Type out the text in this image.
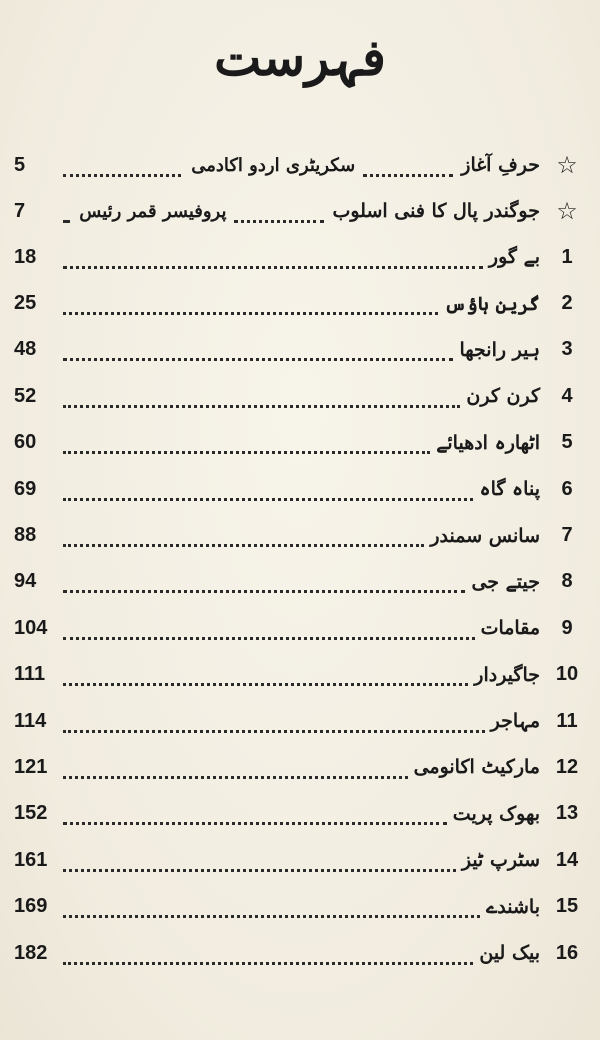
فہرست
5	سکریٹری اردو اکادمی	حرفِ آغاز ☆
7	پروفیسر قمر رئیس	جوگندر پال کا فنی اسلوب ☆
18	بے گور	1
25	گرین ہاؤس	2
48	ہیر رانجھا	3
52	کرن کرن	4
60	اٹھارہ ادھیائے	5
69	پناہ گاہ	6
88	سانس سمندر	7
94	جیتے جی	8
104	مقامات	9
111	جاگیردار 10
114	مہاجر 11
121	مارکیٹ اکانومی 12
152	بھوک پریت 13
161	سٹرپ ٹیز 14
169	باشندے 15
182	بیک لین 16
